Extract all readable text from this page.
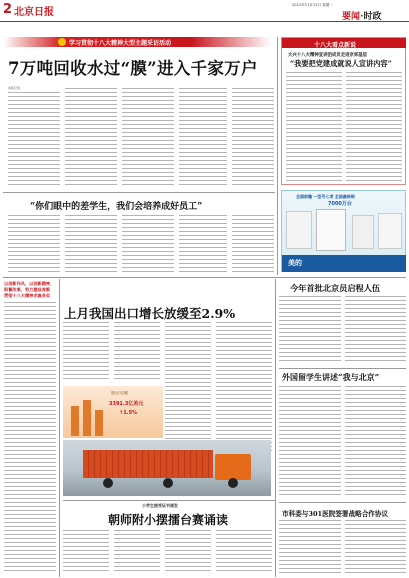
2 北京日报
2012年11月12日 星期一
要闻·时政
学习贯彻十八大精神大型主题采访活动
7万吨回收水过“膜”进入千家万户
本报记者
十八大看点新说
大兴十八大精神宣讲团成员走进京郊基层
“我要把党建成就说人宣讲内容”
全国前瞻 一型号七项 全国最畅销
7000万台
美的
“你们眼中的差学生，我们会培养成好员工”
以创新作风，以创新精神，
积蓄改革，努力建设首都
贯彻十八大精神求真务实
上月我国出口增长放缓至2.9%
进出口总额
3391.3亿美元
↑1.5%
小学生接受证书颁发
朝师附小摆擂台赛诵读
今年首批北京员启程人伍
外国留学生讲述“我与北京”
市科委与301医院签署战略合作协议
